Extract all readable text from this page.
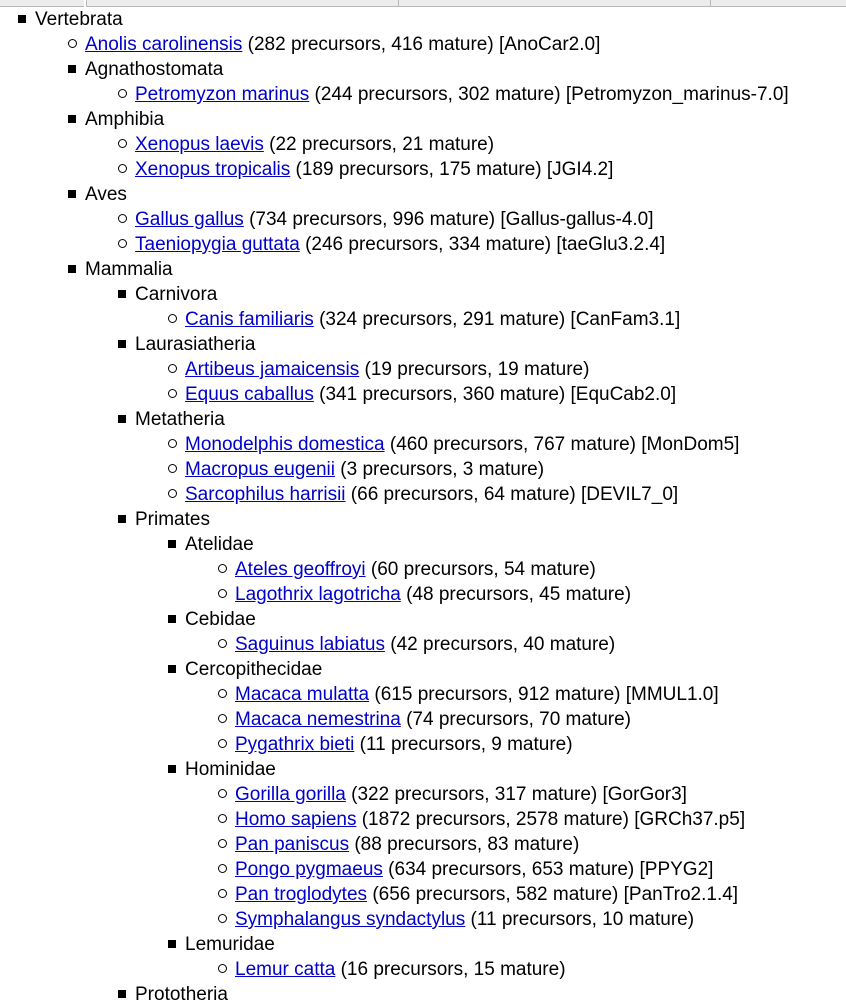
Vertebrata
Anolis carolinensis (282 precursors, 416 mature) [AnoCar2.0]
Agnathostomata
Petromyzon marinus (244 precursors, 302 mature) [Petromyzon_marinus-7.0]
Amphibia
Xenopus laevis (22 precursors, 21 mature)
Xenopus tropicalis (189 precursors, 175 mature) [JGI4.2]
Aves
Gallus gallus (734 precursors, 996 mature) [Gallus-gallus-4.0]
Taeniopygia guttata (246 precursors, 334 mature) [taeGlu3.2.4]
Mammalia
Carnivora
Canis familiaris (324 precursors, 291 mature) [CanFam3.1]
Laurasiatheria
Artibeus jamaicensis (19 precursors, 19 mature)
Equus caballus (341 precursors, 360 mature) [EquCab2.0]
Metatheria
Monodelphis domestica (460 precursors, 767 mature) [MonDom5]
Macropus eugenii (3 precursors, 3 mature)
Sarcophilus harrisii (66 precursors, 64 mature) [DEVIL7_0]
Primates
Atelidae
Ateles geoffroyi (60 precursors, 54 mature)
Lagothrix lagotricha (48 precursors, 45 mature)
Cebidae
Saguinus labiatus (42 precursors, 40 mature)
Cercopithecidae
Macaca mulatta (615 precursors, 912 mature) [MMUL1.0]
Macaca nemestrina (74 precursors, 70 mature)
Pygathrix bieti (11 precursors, 9 mature)
Hominidae
Gorilla gorilla (322 precursors, 317 mature) [GorGor3]
Homo sapiens (1872 precursors, 2578 mature) [GRCh37.p5]
Pan paniscus (88 precursors, 83 mature)
Pongo pygmaeus (634 precursors, 653 mature) [PPYG2]
Pan troglodytes (656 precursors, 582 mature) [PanTro2.1.4]
Symphalangus syndactylus (11 precursors, 10 mature)
Lemuridae
Lemur catta (16 precursors, 15 mature)
Prototheria
